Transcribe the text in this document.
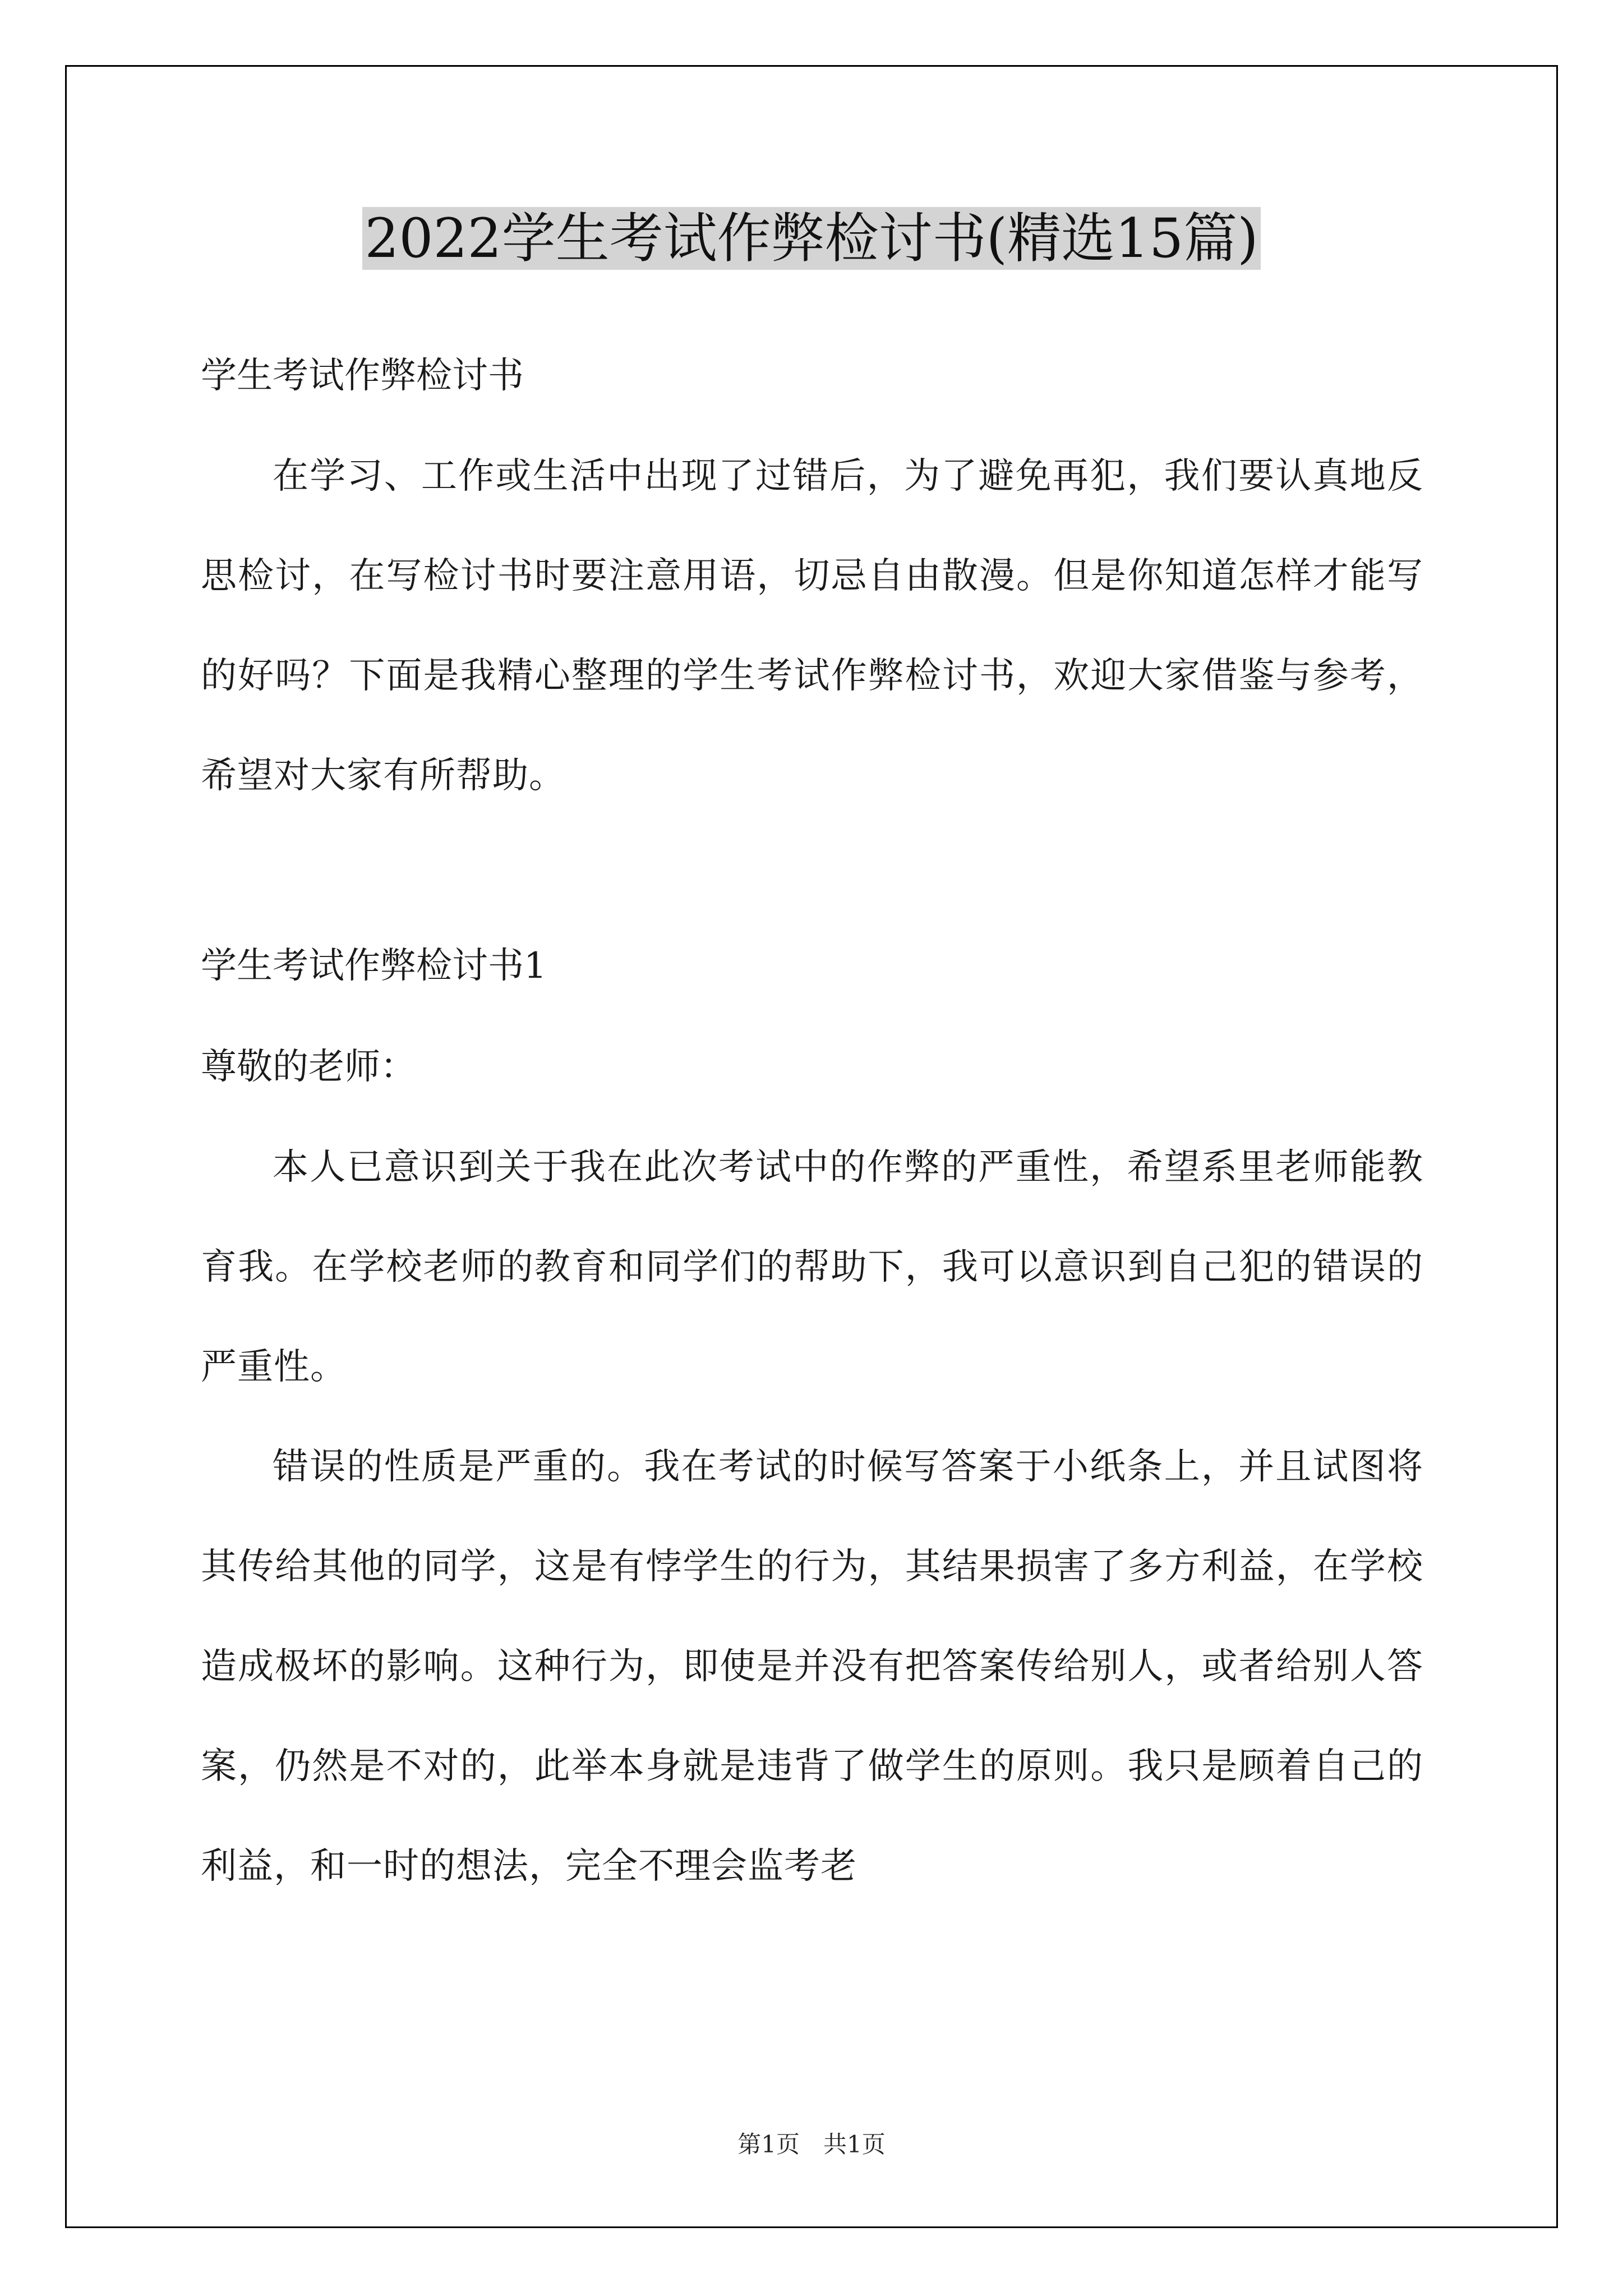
2022学生考试作弊检讨书(精选15篇)

学生考试作弊检讨书

在学习、工作或生活中出现了过错后，为了避免再犯，我们要认真地反思检讨，在写检讨书时要注意用语，切忌自由散漫。但是你知道怎样才能写的好吗？下面是我精心整理的学生考试作弊检讨书，欢迎大家借鉴与参考，希望对大家有所帮助。

学生考试作弊检讨书1

尊敬的老师：

本人已意识到关于我在此次考试中的作弊的严重性，希望系里老师能教育我。在学校老师的教育和同学们的帮助下，我可以意识到自己犯的错误的严重性。

错误的性质是严重的。我在考试的时候写答案于小纸条上，并且试图将其传给其他的同学，这是有悖学生的行为，其结果损害了多方利益，在学校造成极坏的影响。这种行为，即使是并没有把答案传给别人，或者给别人答案，仍然是不对的，此举本身就是违背了做学生的原则。我只是顾着自己的利益，和一时的想法，完全不理会监考老

第1页　共1页
